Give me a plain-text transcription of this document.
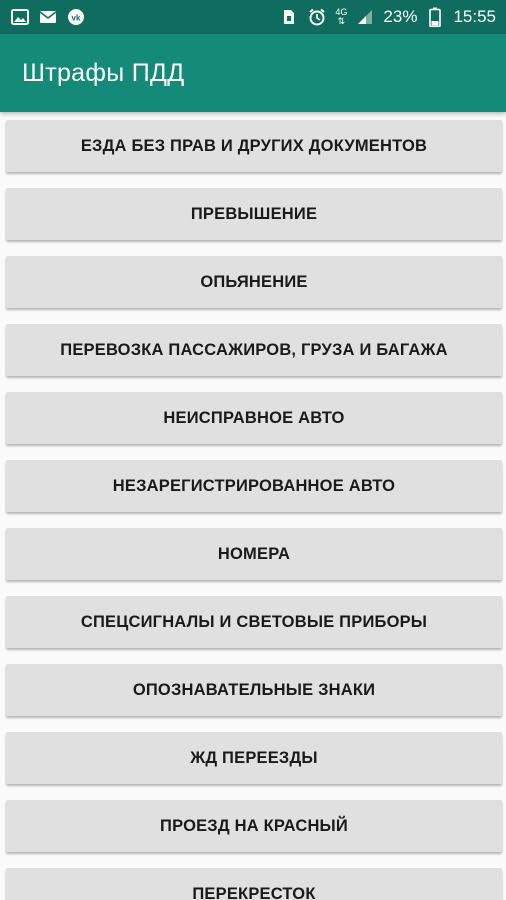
vk
4G
⇅ 23% 15:55
Штрафы ПДД
ЕЗДА БЕЗ ПРАВ И ДРУГИХ ДОКУМЕНТОВ
ПРЕВЫШЕНИЕ
ОПЬЯНЕНИЕ
ПЕРЕВОЗКА ПАССАЖИРОВ, ГРУЗА И БАГАЖА
НЕИСПРАВНОЕ АВТО
НЕЗАРЕГИСТРИРОВАННОЕ АВТО
НОМЕРА
СПЕЦСИГНАЛЫ И СВЕТОВЫЕ ПРИБОРЫ
ОПОЗНАВАТЕЛЬНЫЕ ЗНАКИ
ЖД ПЕРЕЕЗДЫ
ПРОЕЗД НА КРАСНЫЙ
ПЕРЕКРЕСТОК
